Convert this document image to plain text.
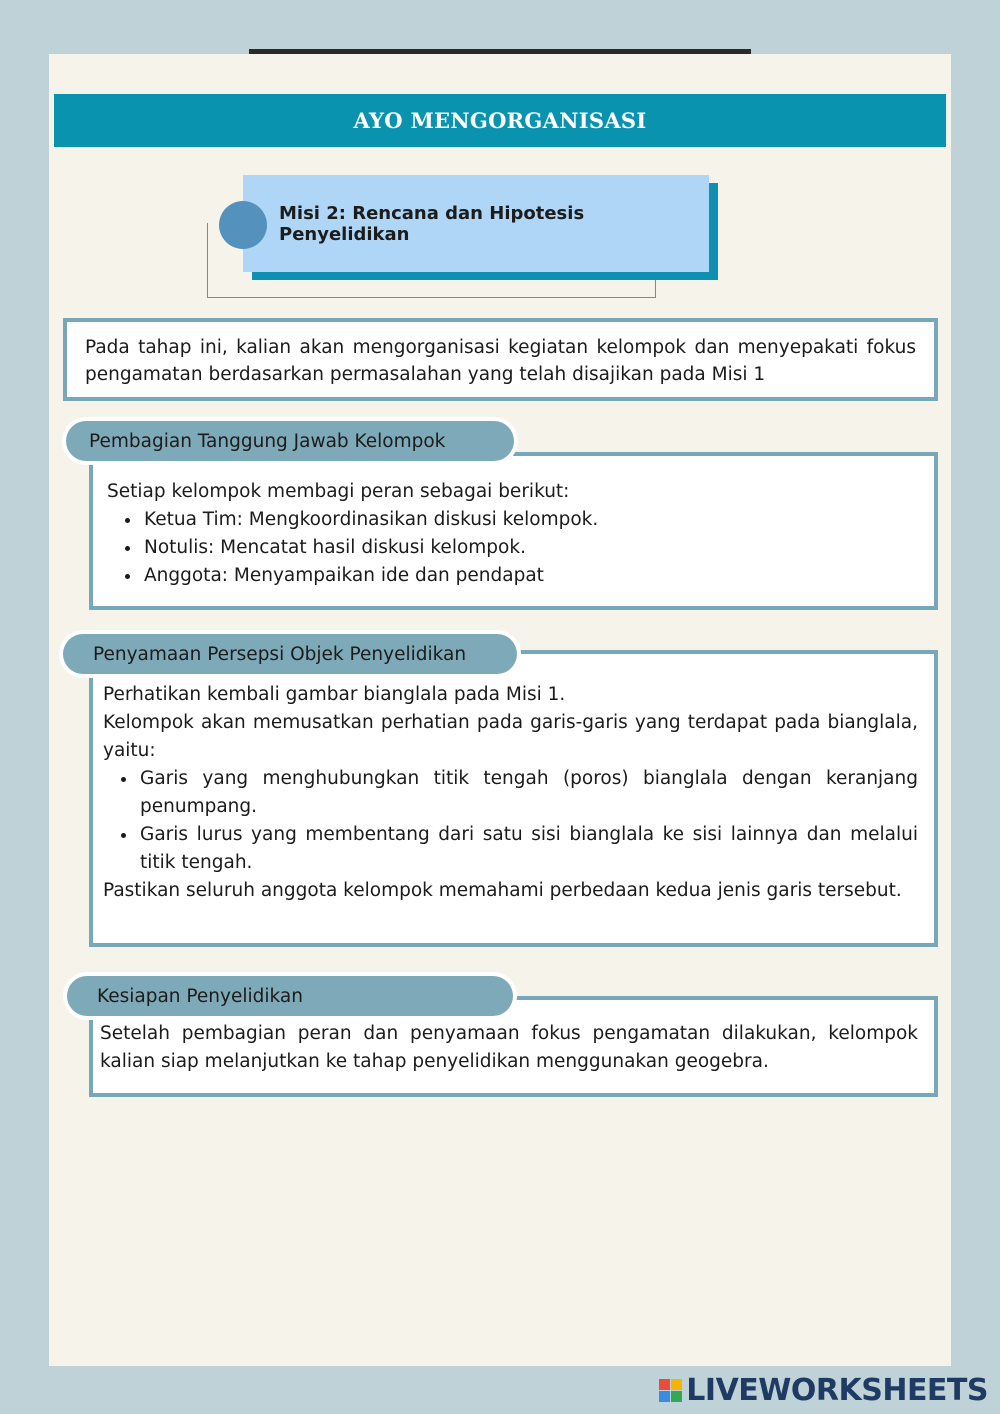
AYO MENGORGANISASI
Misi 2: Rencana dan Hipotesis Penyelidikan
Pada tahap ini, kalian akan mengorganisasi kegiatan kelompok dan menyepakati fokus pengamatan berdasarkan permasalahan yang telah disajikan pada Misi 1
Setiap kelompok membagi peran sebagai berikut:
• Ketua Tim: Mengkoordinasikan diskusi kelompok.
• Notulis: Mencatat hasil diskusi kelompok.
• Anggota: Menyampaikan ide dan pendapat
Pembagian Tanggung Jawab Kelompok
Perhatikan kembali gambar bianglala pada Misi 1.
Kelompok akan memusatkan perhatian pada garis-garis yang terdapat pada bianglala, yaitu:
• Garis yang menghubungkan titik tengah (poros) bianglala dengan keranjang penumpang.
• Garis lurus yang membentang dari satu sisi bianglala ke sisi lainnya dan melalui titik tengah.
Pastikan seluruh anggota kelompok memahami perbedaan kedua jenis garis tersebut.
Penyamaan Persepsi Objek Penyelidikan
Setelah pembagian peran dan penyamaan fokus pengamatan dilakukan, kelompok kalian siap melanjutkan ke tahap penyelidikan menggunakan geogebra.
Kesiapan Penyelidikan
LIVEWORKSHEETS
